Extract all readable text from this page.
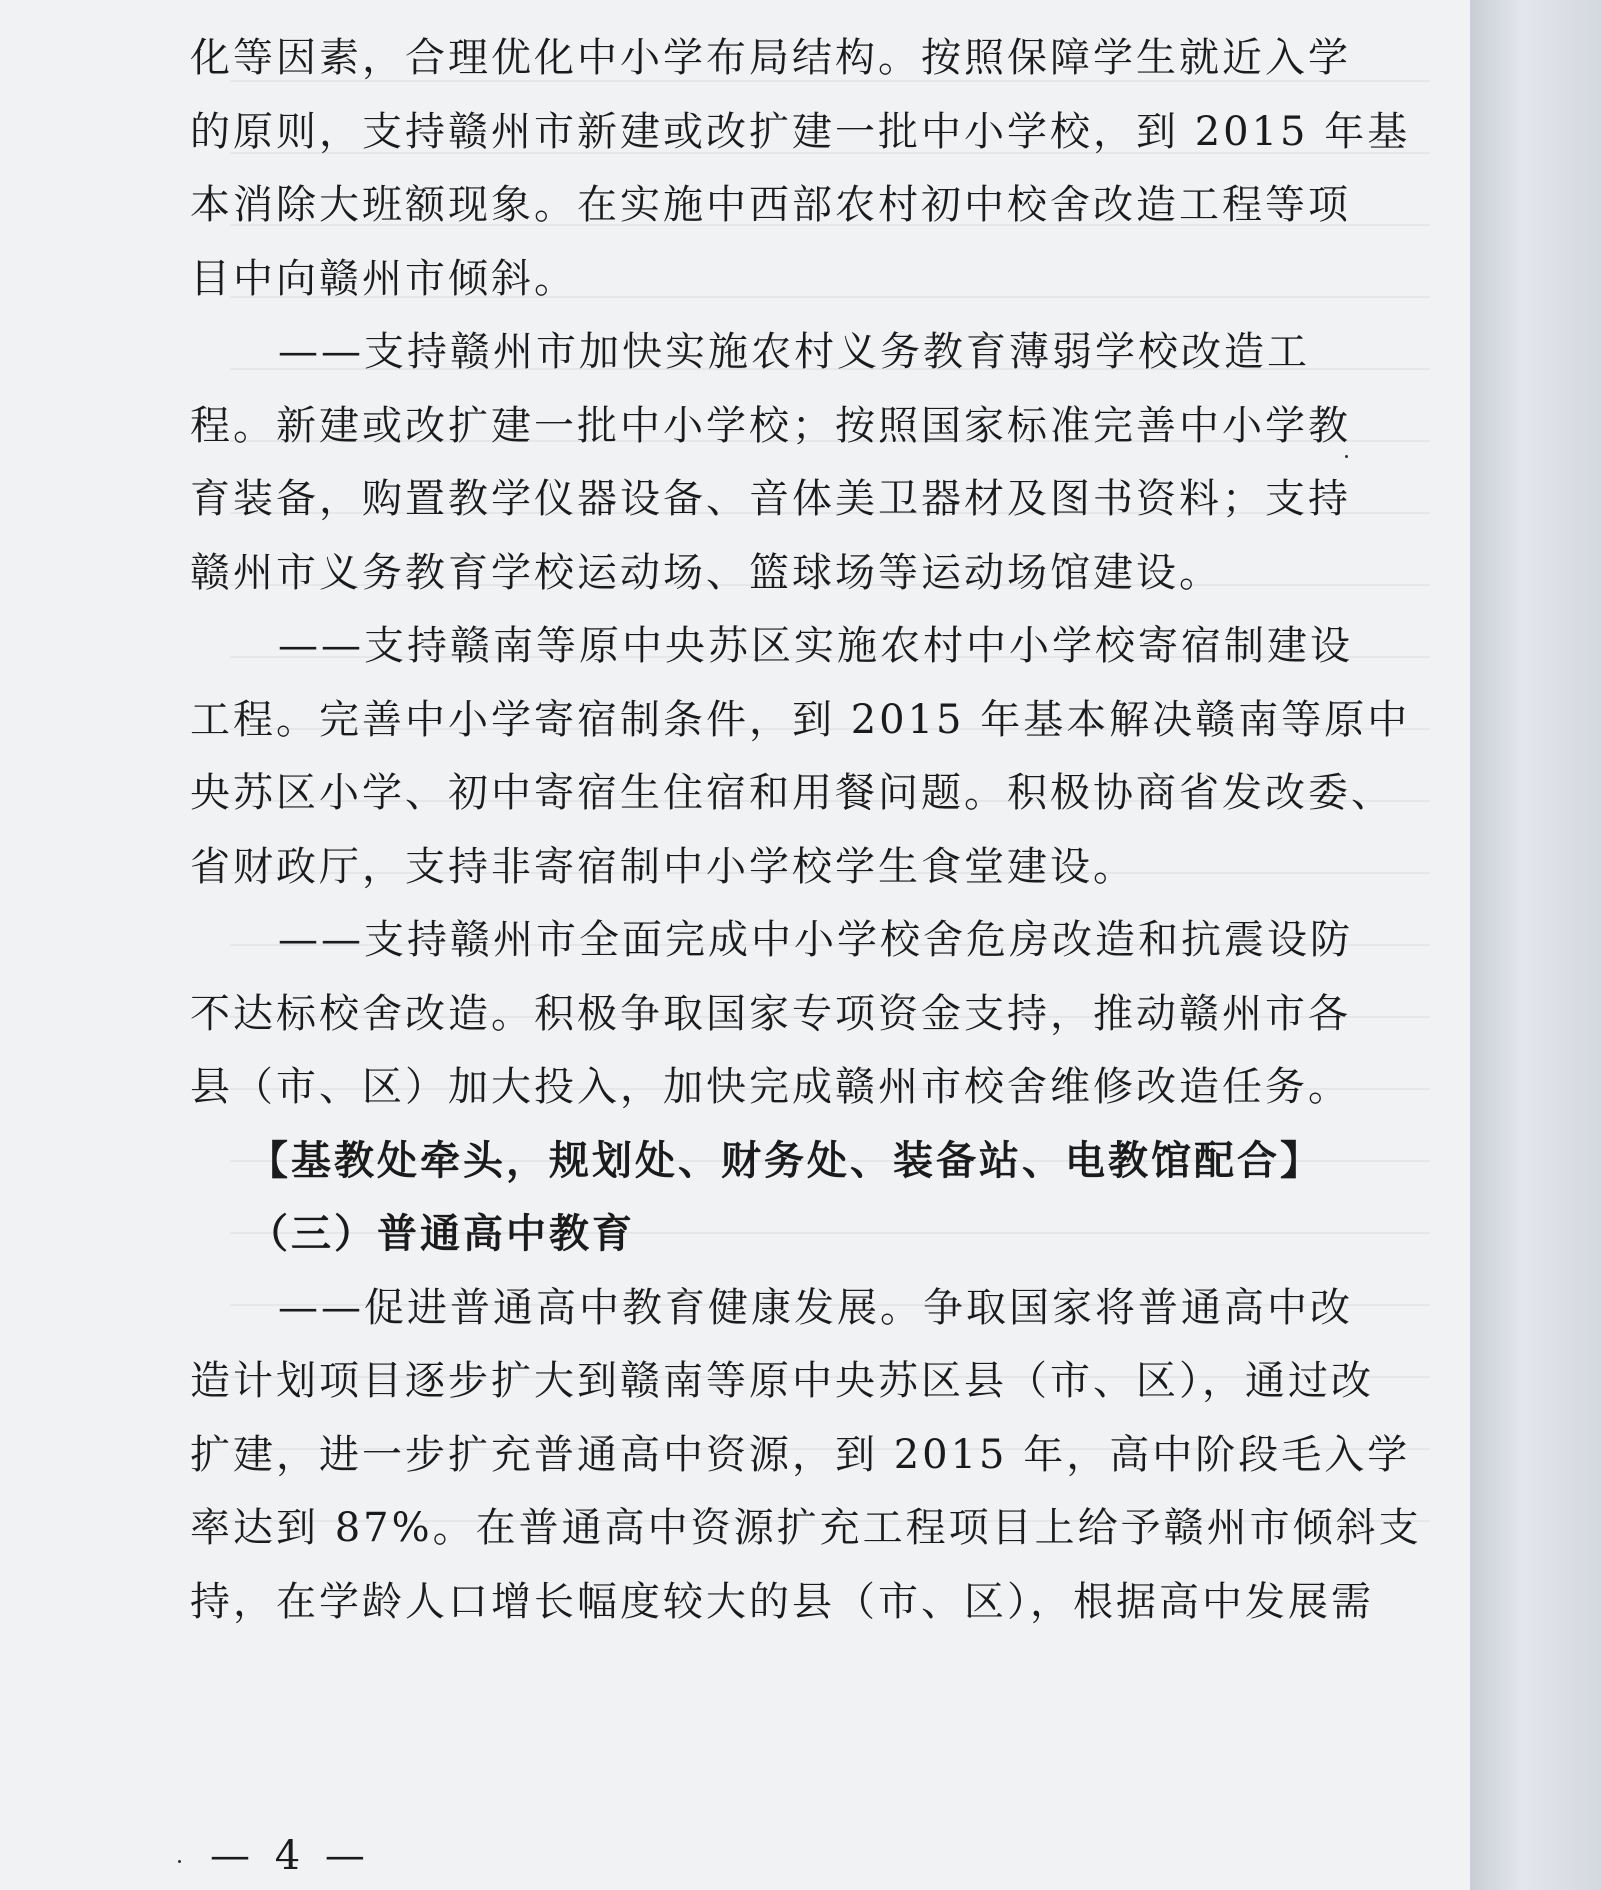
化等因素，合理优化中小学布局结构。按照保障学生就近入学
的原则，支持赣州市新建或改扩建一批中小学校，到 2015 年基
本消除大班额现象。在实施中西部农村初中校舍改造工程等项
目中向赣州市倾斜。
——支持赣州市加快实施农村义务教育薄弱学校改造工
程。新建或改扩建一批中小学校；按照国家标准完善中小学教
育装备，购置教学仪器设备、音体美卫器材及图书资料；支持
赣州市义务教育学校运动场、篮球场等运动场馆建设。
——支持赣南等原中央苏区实施农村中小学校寄宿制建设
工程。完善中小学寄宿制条件，到 2015 年基本解决赣南等原中
央苏区小学、初中寄宿生住宿和用餐问题。积极协商省发改委、
省财政厅，支持非寄宿制中小学校学生食堂建设。
——支持赣州市全面完成中小学校舍危房改造和抗震设防
不达标校舍改造。积极争取国家专项资金支持，推动赣州市各
县（市、区）加大投入，加快完成赣州市校舍维修改造任务。
【基教处牵头，规划处、财务处、装备站、电教馆配合】
（三）普通高中教育
——促进普通高中教育健康发展。争取国家将普通高中改
造计划项目逐步扩大到赣南等原中央苏区县（市、区），通过改
扩建，进一步扩充普通高中资源，到 2015 年，高中阶段毛入学
率达到 87%。在普通高中资源扩充工程项目上给予赣州市倾斜支
持，在学龄人口增长幅度较大的县（市、区），根据高中发展需
— 4 —
